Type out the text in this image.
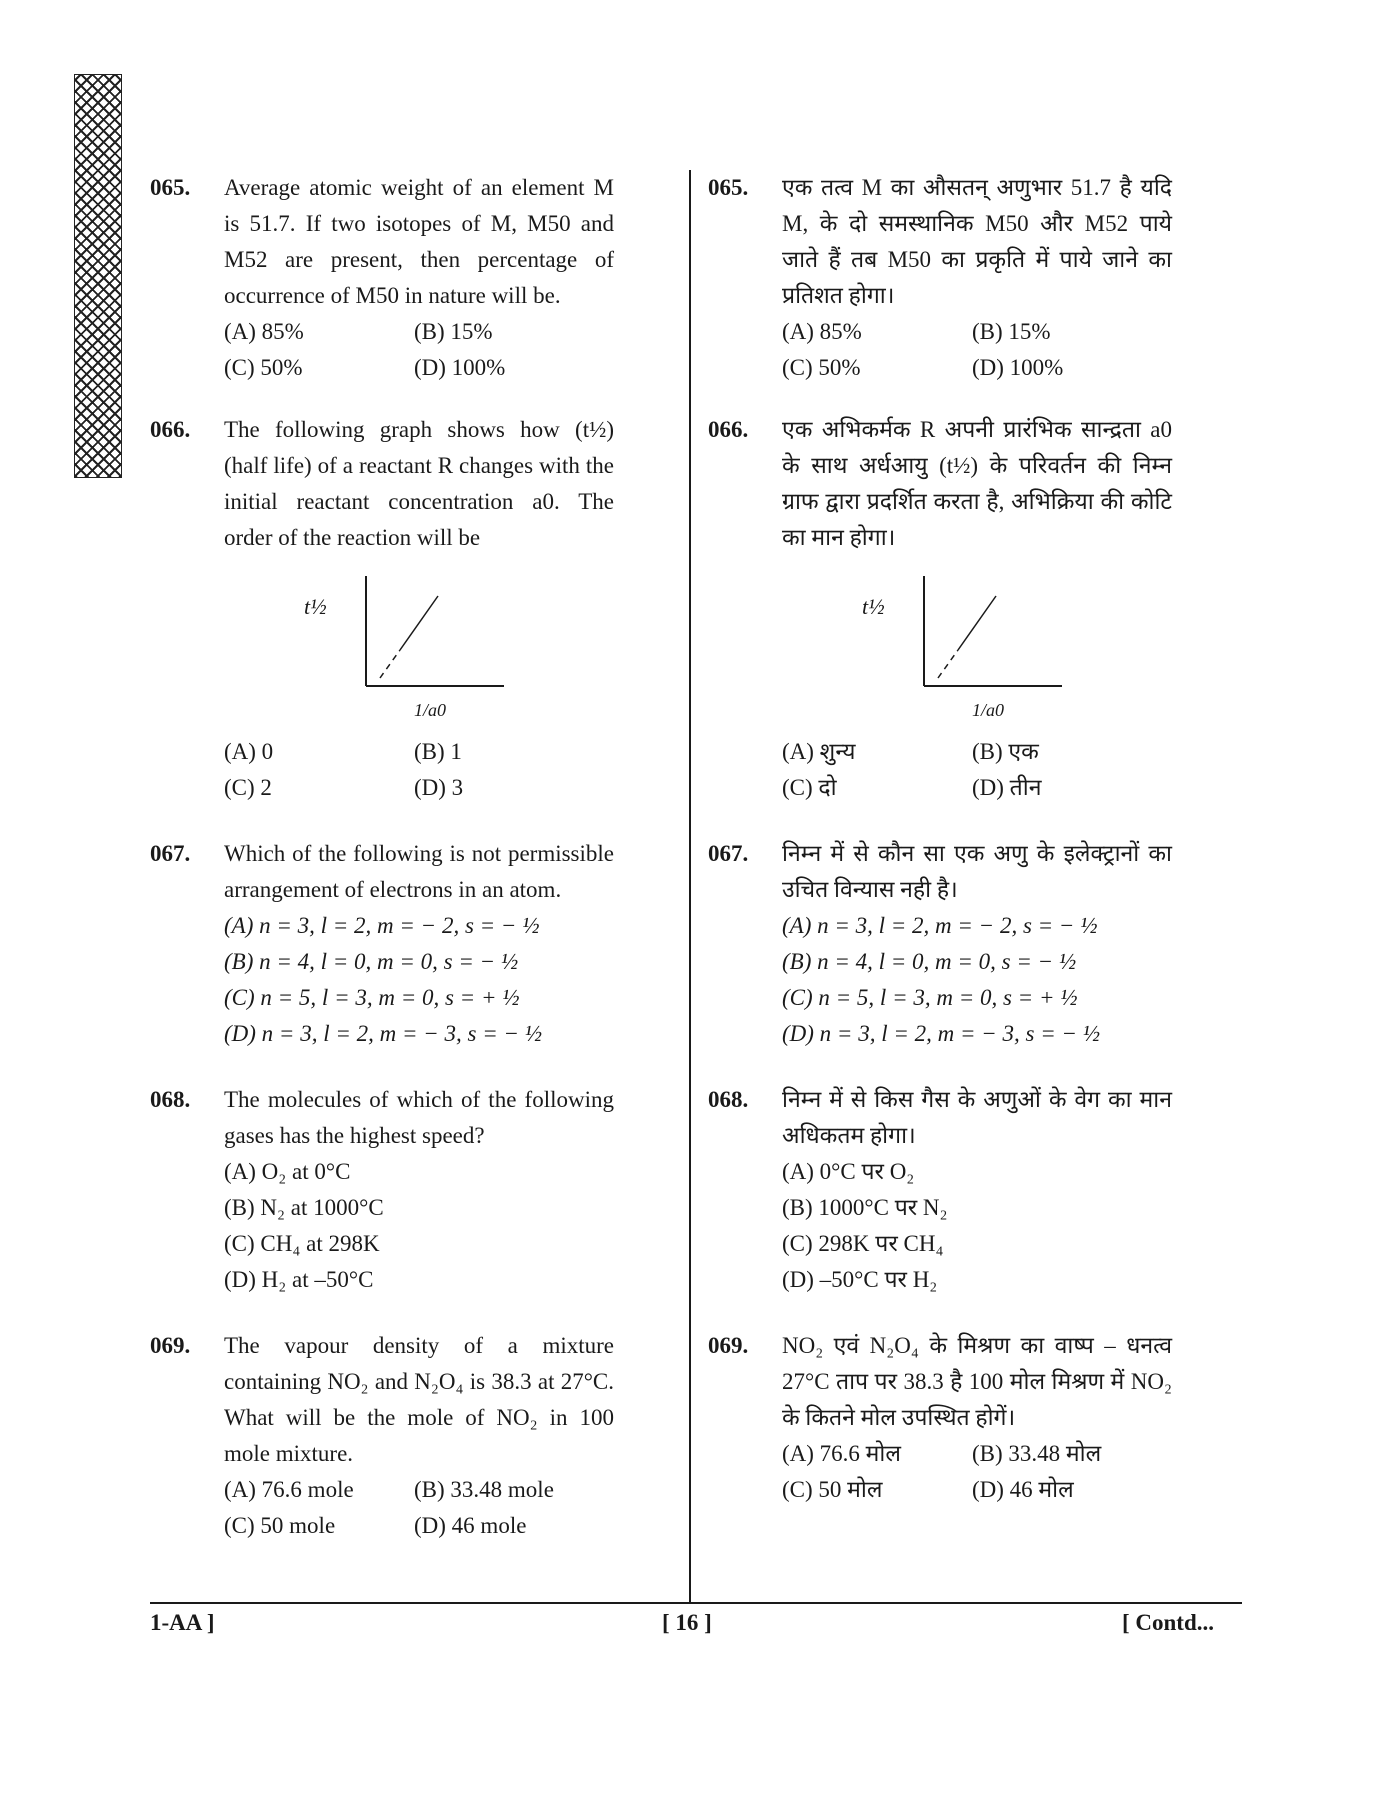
065. Average atomic weight of an element M is 51.7. If two isotopes of M, M50 and M52 are present, then percentage of occurrence of M50 in nature will be.
(A) 85%	(B) 15%
(C) 50%	(D) 100%
066. The following graph shows how (t½) (half life) of a reactant R changes with the initial reactant concentration a0. The order of the reaction will be
t½
1/a0
(A) 0	(B) 1
(C) 2	(D) 3
067. Which of the following is not permissible arrangement of electrons in an atom.
(A) n = 3, l = 2, m = − 2, s = − ½
(B) n = 4, l = 0, m = 0, s = − ½
(C) n = 5, l = 3, m = 0, s = + ½
(D) n = 3, l = 2, m = − 3, s = − ½
068. The molecules of which of the following gases has the highest speed?
(A) O₂ at 0°C
(B) N₂ at 1000°C
(C) CH₄ at 298K
(D) H₂ at –50°C
069. The vapour density of a mixture containing NO₂ and N₂O₄ is 38.3 at 27°C. What will be the mole of NO₂ in 100 mole mixture.
(A) 76.6 mole	(B) 33.48 mole
(C) 50 mole	(D) 46 mole
065. एक तत्व M का औसतन् अणुभार 51.7 है यदि M, के दो समस्थानिक M50 और M52 पाये जाते हैं तब M50 का प्रकृति में पाये जाने का प्रतिशत होगा।
(A) 85%	(B) 15%
(C) 50%	(D) 100%
066. एक अभिकर्मक R अपनी प्रारंभिक सान्द्रता a0 के साथ अर्धआयु (t½) के परिवर्तन की निम्न ग्राफ द्वारा प्रदर्शित करता है, अभिक्रिया की कोटि का मान होगा।
t½
1/a0
(A) शुन्य	(B) एक
(C) दो	(D) तीन
067. निम्न में से कौन सा एक अणु के इलेक्ट्रानों का उचित विन्यास नही है।
(A) n = 3, l = 2, m = − 2, s = − ½
(B) n = 4, l = 0, m = 0, s = − ½
(C) n = 5, l = 3, m = 0, s = + ½
(D) n = 3, l = 2, m = − 3, s = − ½
068. निम्न में से किस गैस के अणुओं के वेग का मान अधिकतम होगा।
(A) 0°C पर O₂
(B) 1000°C पर N₂
(C) 298K पर CH₄
(D) –50°C पर H₂
069. NO₂ एवं N₂O₄ के मिश्रण का वाष्प – धनत्व 27°C ताप पर 38.3 है 100 मोल मिश्रण में NO₂ के कितने मोल उपस्थित होगें।
(A) 76.6 मोल	(B) 33.48 मोल
(C) 50 मोल	(D) 46 मोल
1-AA ]	[ 16 ]	[ Contd...
